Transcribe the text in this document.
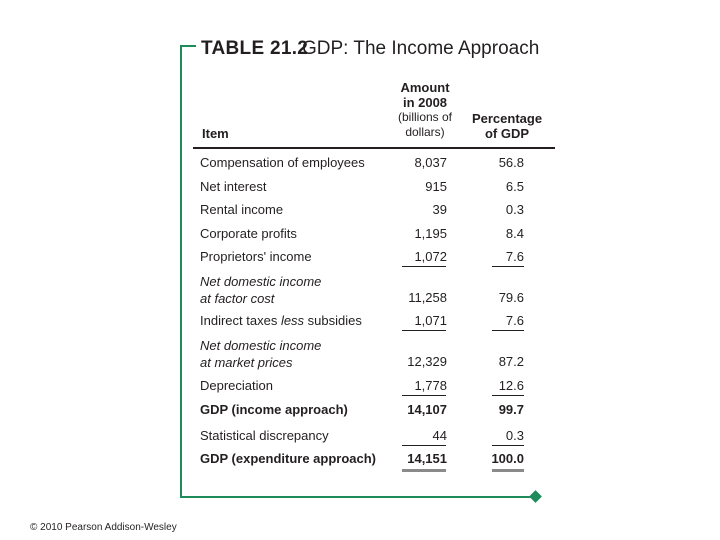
TABLE 21.2
GDP: The Income Approach
Item
Amount
in 2008
(billions of
dollars)
Percentage
of GDP
Compensation of employees	8,037	56.8
Net interest	915	6.5
Rental income	39	0.3
Corporate profits	1,195	8.4
Proprietors' income	1,072	7.6
Net domestic income
at factor cost	11,258	79.6
Indirect taxes less subsidies	1,071	7.6
Net domestic income
at market prices	12,329	87.2
Depreciation	1,778	12.6
GDP (income approach)	14,107	99.7
Statistical discrepancy	44	0.3
GDP (expenditure approach) 14,151	100.0
© 2010 Pearson Addison-Wesley
